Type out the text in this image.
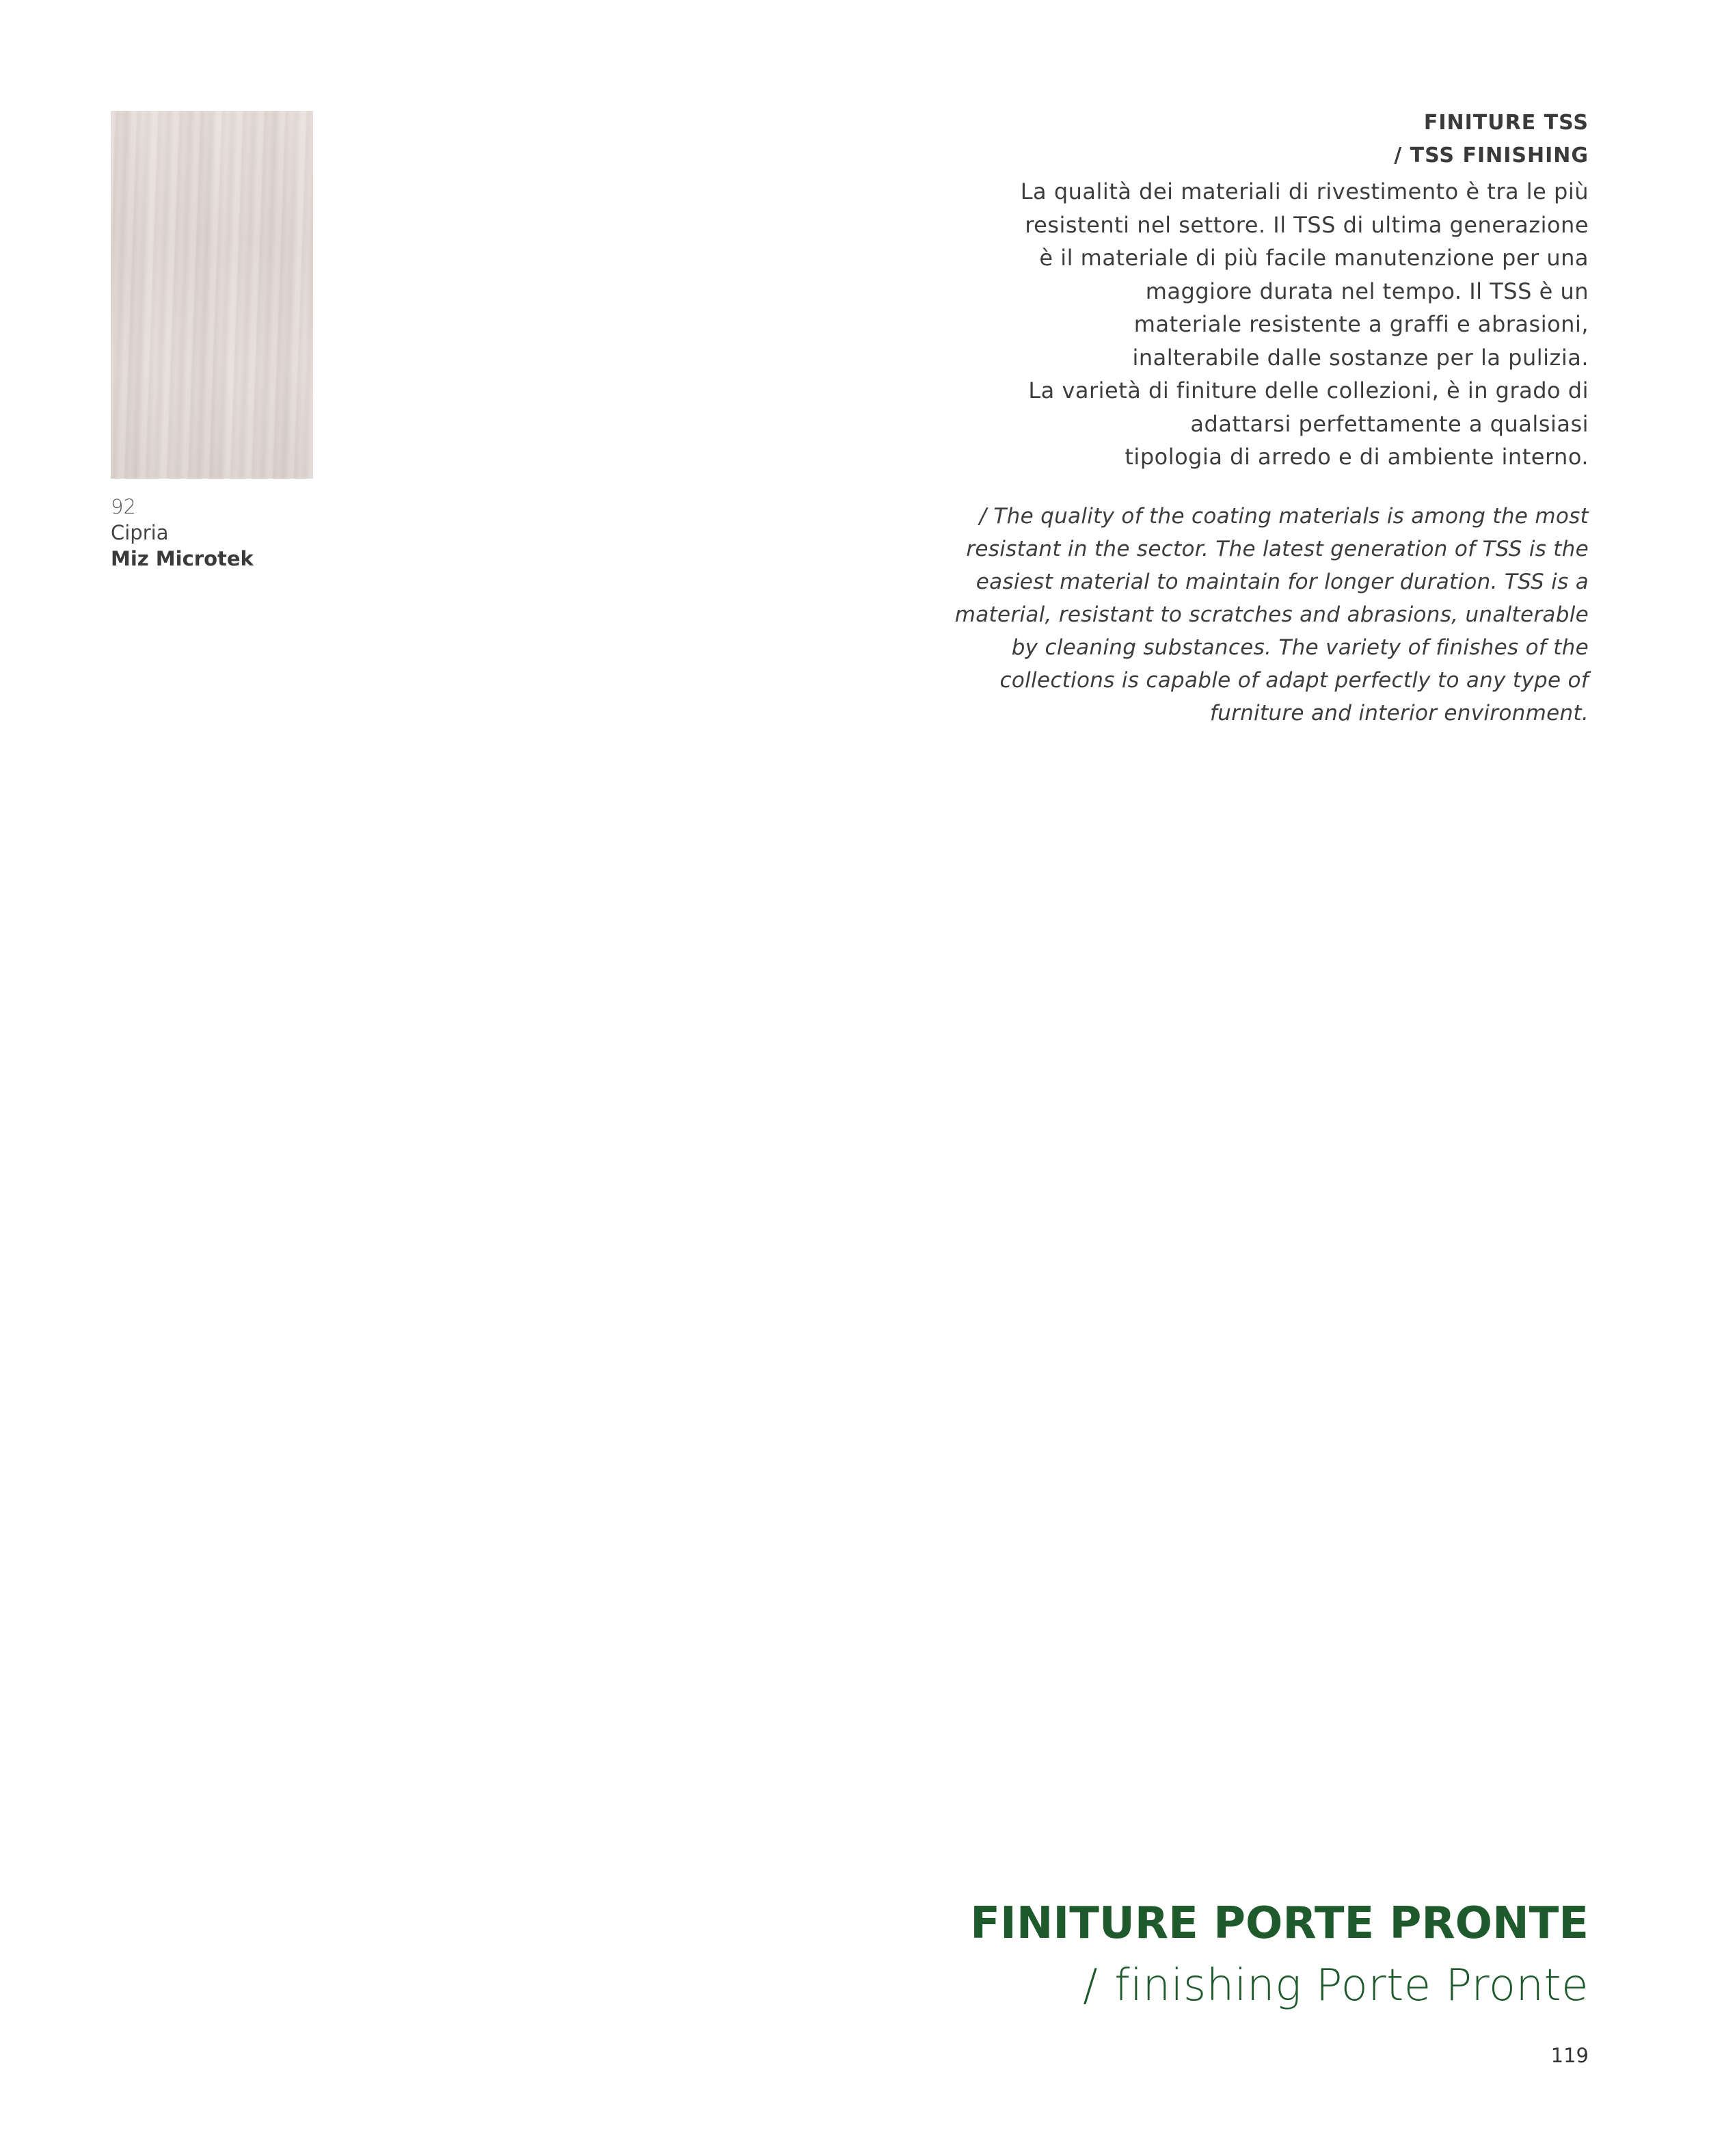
92
Cipria
Miz Microtek
FINITURE TSS
/ TSS FINISHING
La qualità dei materiali di rivestimento è tra le più
resistenti nel settore. Il TSS di ultima generazione
è il materiale di più facile manutenzione per una
maggiore durata nel tempo. Il TSS è un
materiale resistente a graffi e abrasioni,
inalterabile dalle sostanze per la pulizia.
La varietà di finiture delle collezioni, è in grado di
adattarsi perfettamente a qualsiasi
tipologia di arredo e di ambiente interno.
/ The quality of the coating materials is among the most
resistant in the sector. The latest generation of TSS is the
easiest material to maintain for longer duration. TSS is a
material, resistant to scratches and abrasions, unalterable
by cleaning substances. The variety of finishes of the
collections is capable of adapt perfectly to any type of
furniture and interior environment.
FINITURE PORTE PRONTE
/ finishing Porte Pronte
119
